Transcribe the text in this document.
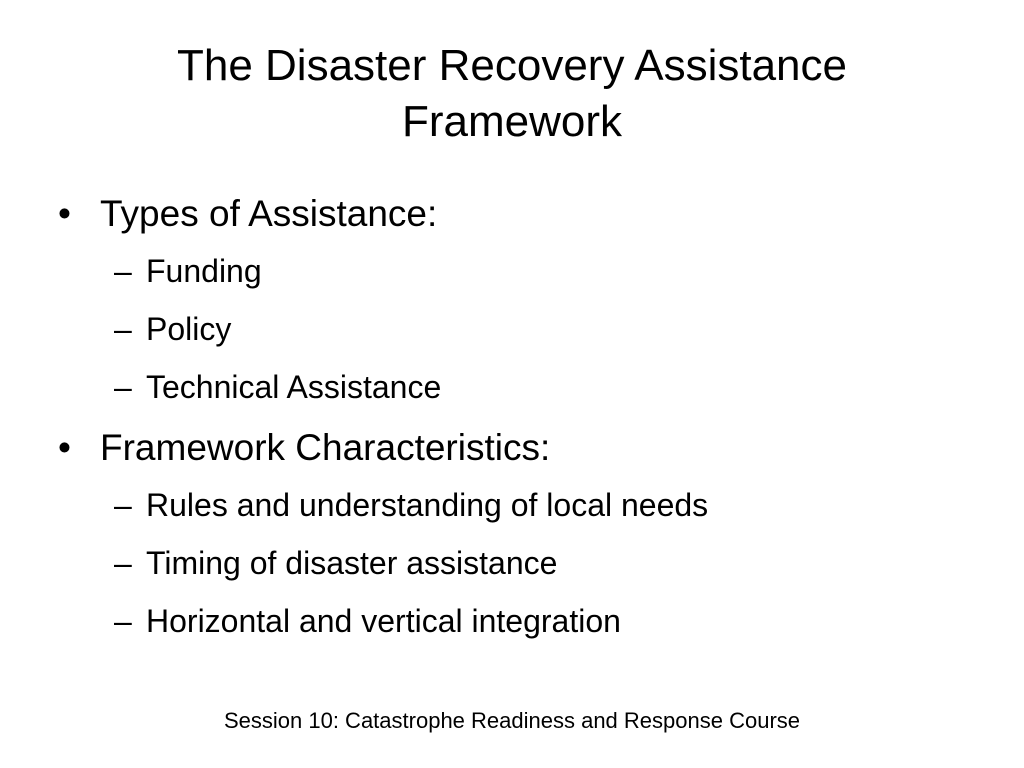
The Disaster Recovery Assistance
Framework
• Types of Assistance:
– Funding
– Policy
– Technical Assistance
• Framework Characteristics:
– Rules and understanding of local needs
– Timing of disaster assistance
– Horizontal and vertical integration
Session 10: Catastrophe Readiness and Response Course
